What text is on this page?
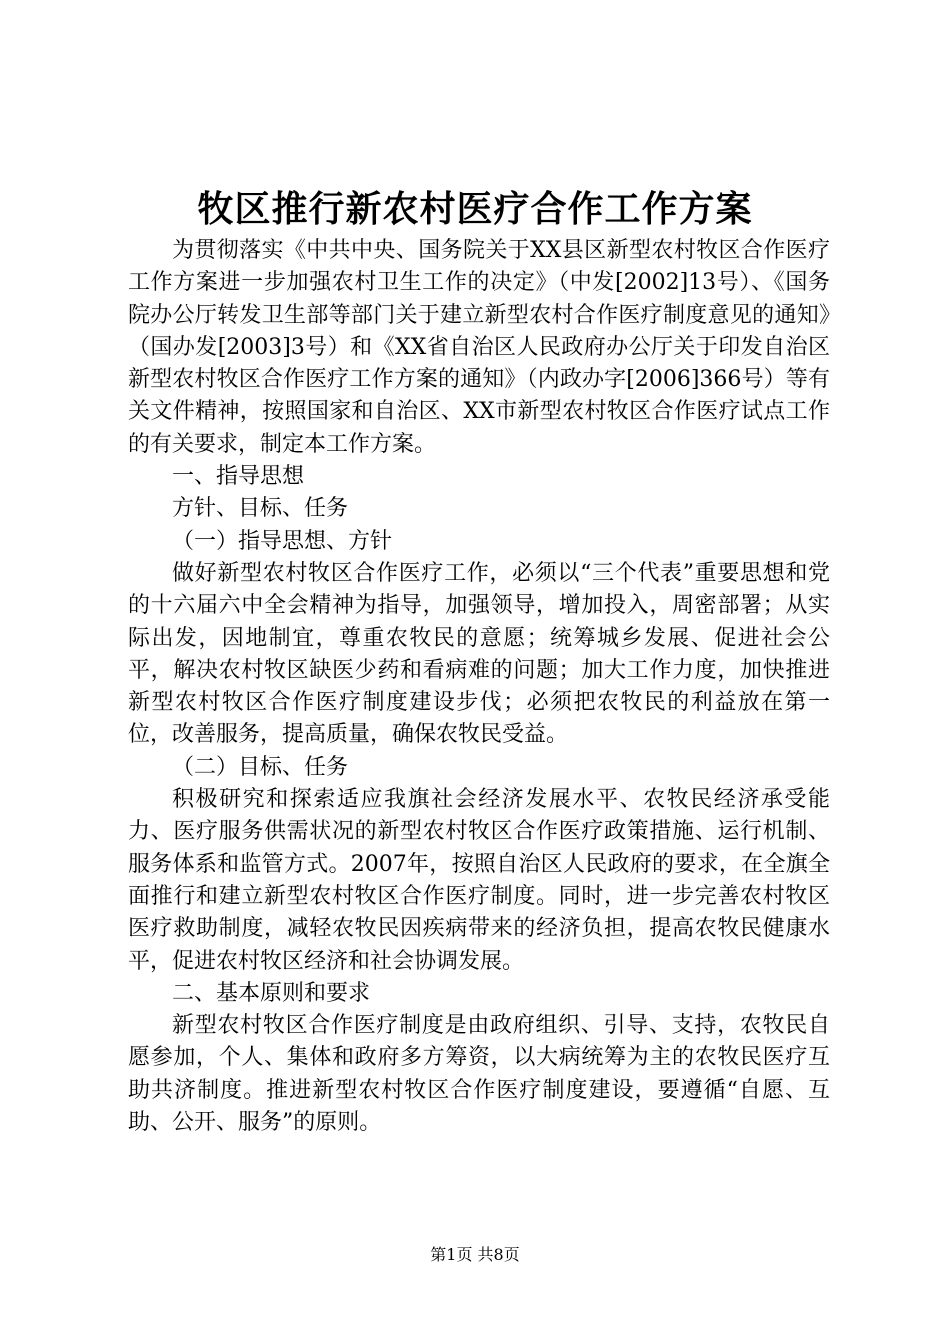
牧区推行新农村医疗合作工作方案

为贯彻落实《中共中央、国务院关于XX县区新型农村牧区合作医疗工作方案进一步加强农村卫生工作的决定》（中发[2002]13号）、《国务院办公厅转发卫生部等部门关于建立新型农村合作医疗制度意见的通知》（国办发[2003]3号）和《XX省自治区人民政府办公厅关于印发自治区新型农村牧区合作医疗工作方案的通知》（内政办字[2006]366号）等有关文件精神，按照国家和自治区、XX市新型农村牧区合作医疗试点工作的有关要求，制定本工作方案。

一、指导思想

方针、目标、任务

（一）指导思想、方针

做好新型农村牧区合作医疗工作，必须以“三个代表”重要思想和党的十六届六中全会精神为指导，加强领导，增加投入，周密部署；从实际出发，因地制宜，尊重农牧民的意愿；统筹城乡发展、促进社会公平，解决农村牧区缺医少药和看病难的问题；加大工作力度，加快推进新型农村牧区合作医疗制度建设步伐；必须把农牧民的利益放在第一位，改善服务，提高质量，确保农牧民受益。

（二）目标、任务

积极研究和探索适应我旗社会经济发展水平、农牧民经济承受能力、医疗服务供需状况的新型农村牧区合作医疗政策措施、运行机制、服务体系和监管方式。2007年，按照自治区人民政府的要求，在全旗全面推行和建立新型农村牧区合作医疗制度。同时，进一步完善农村牧区医疗救助制度，减轻农牧民因疾病带来的经济负担，提高农牧民健康水平，促进农村牧区经济和社会协调发展。

二、基本原则和要求

新型农村牧区合作医疗制度是由政府组织、引导、支持，农牧民自愿参加，个人、集体和政府多方筹资，以大病统筹为主的农牧民医疗互助共济制度。推进新型农村牧区合作医疗制度建设，要遵循“自愿、互助、公开、服务”的原则。

第1页 共8页
